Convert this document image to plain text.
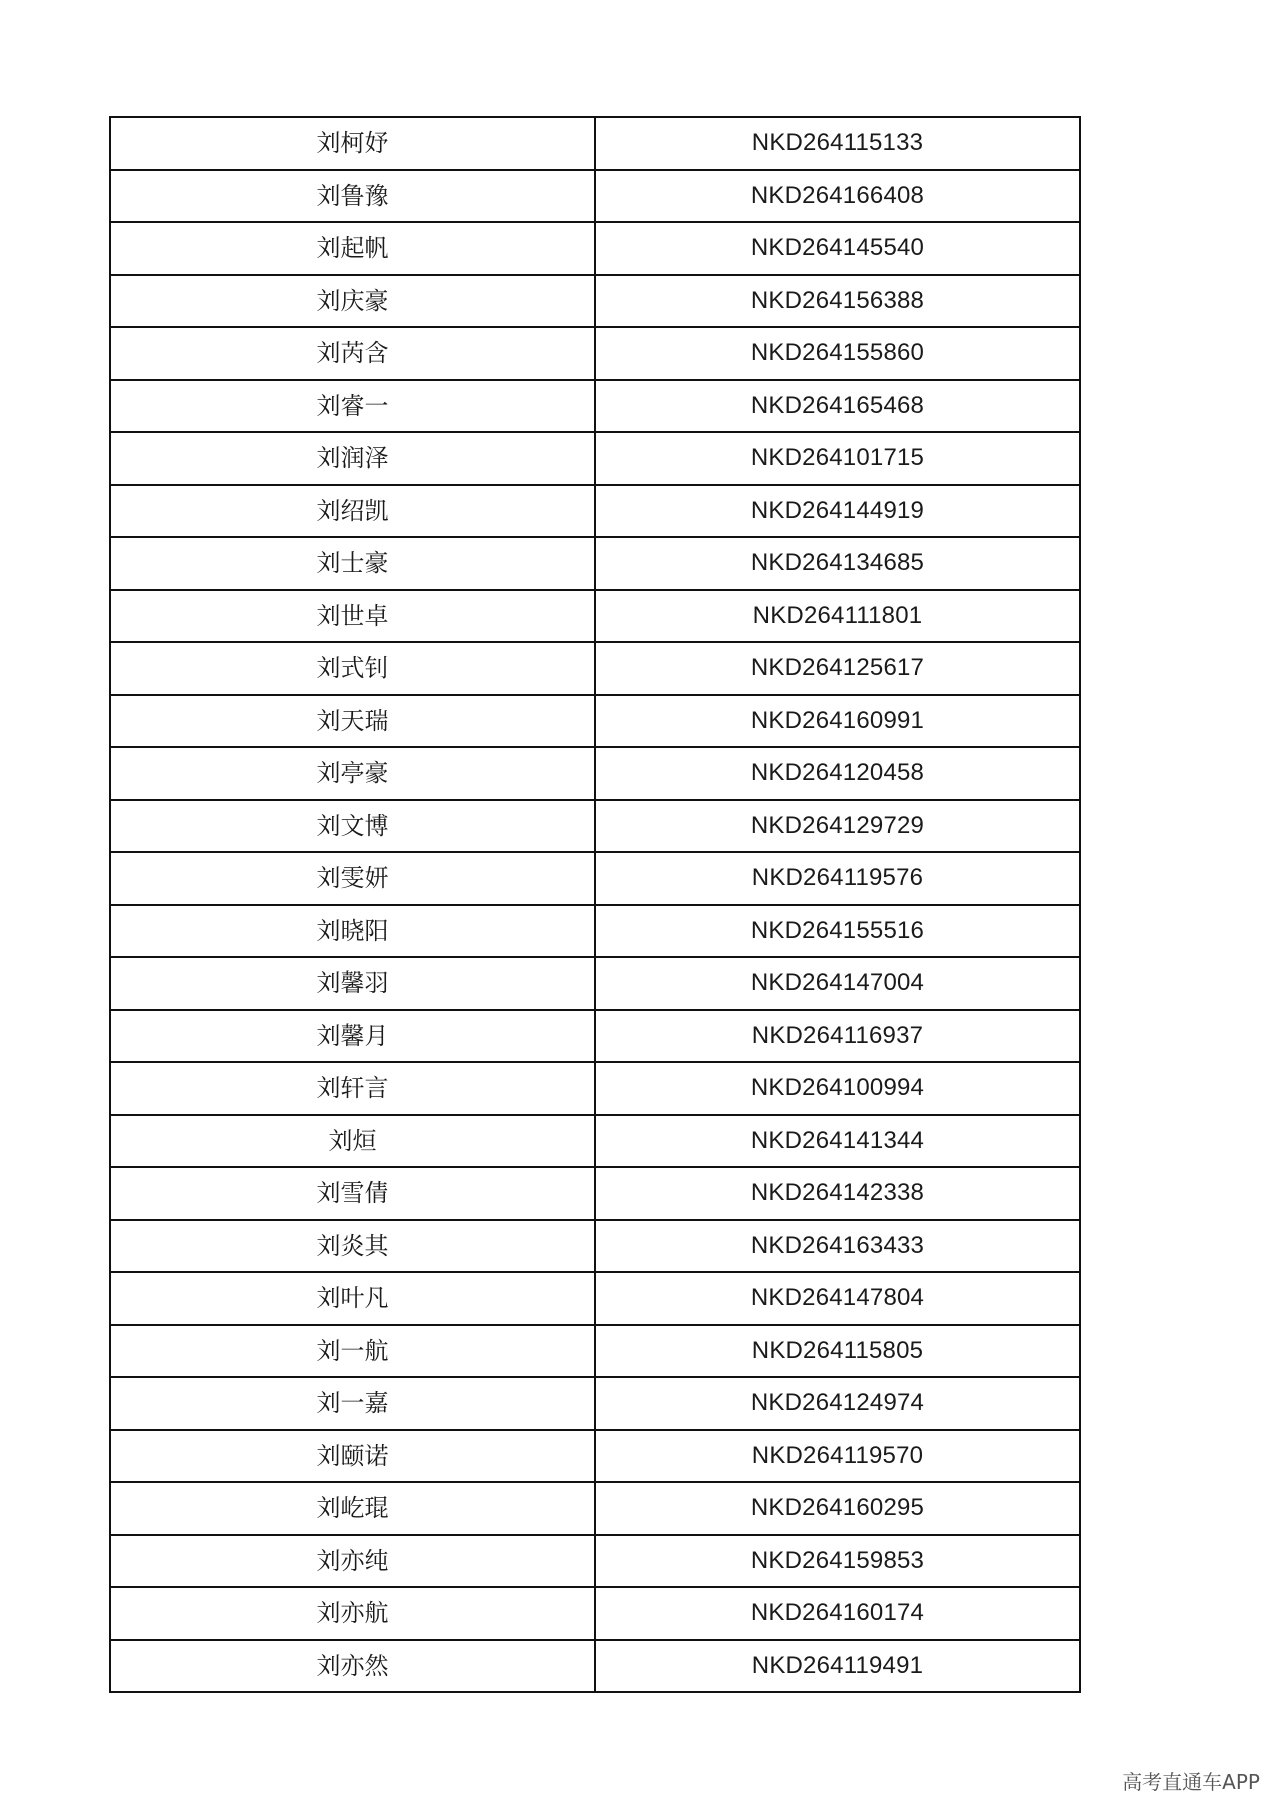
刘柯妤	NKD264115133
刘鲁豫	NKD264166408
刘起帆	NKD264145540
刘庆豪	NKD264156388
刘芮含	NKD264155860
刘睿一	NKD264165468
刘润泽	NKD264101715
刘绍凯	NKD264144919
刘士豪	NKD264134685
刘世卓	NKD264111801
刘式钊	NKD264125617
刘天瑞	NKD264160991
刘亭豪	NKD264120458
刘文博	NKD264129729
刘雯妍	NKD264119576
刘晓阳	NKD264155516
刘馨羽	NKD264147004
刘馨月	NKD264116937
刘轩言	NKD264100994
刘烜	NKD264141344
刘雪倩	NKD264142338
刘炎其	NKD264163433
刘叶凡	NKD264147804
刘一航	NKD264115805
刘一嘉	NKD264124974
刘颐诺	NKD264119570
刘屹琨	NKD264160295
刘亦纯	NKD264159853
刘亦航	NKD264160174
刘亦然	NKD264119491
高考直通车APP
